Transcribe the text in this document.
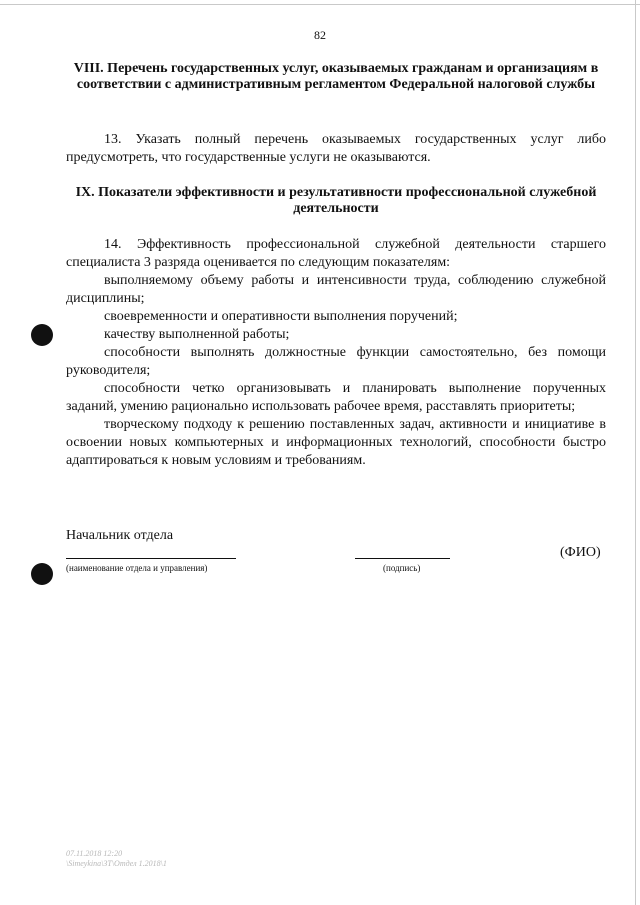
82
VIII. Перечень государственных услуг, оказываемых гражданам и организациям в соответствии с административным регламентом Федеральной налоговой службы
13. Указать полный перечень оказываемых государственных услуг либо предусмотреть, что государственные услуги не оказываются.
IX. Показатели эффективности и результативности профессиональной служебной деятельности

14. Эффективность профессиональной служебной деятельности старшего специалиста 3 разряда оценивается по следующим показателям:

выполняемому объему работы и интенсивности труда, соблюдению служебной дисциплины;

своевременности и оперативности выполнения поручений;

качеству выполненной работы;

способности выполнять должностные функции самостоятельно, без помощи руководителя;

способности четко организовывать и планировать выполнение порученных заданий, умению рационально использовать рабочее время, расставлять приоритеты;

творческому подходу к решению поставленных задач, активности и инициативе в освоении новых компьютерных и информационных технологий, способности быстро адаптироваться к новым условиям и требованиям.

Начальник отдела
(ФИО)
(наименование отдела и управления)	(подпись)
07.11.2018 12:20
\Simeykinа\ЗТ\Отдел 1.2018\1
